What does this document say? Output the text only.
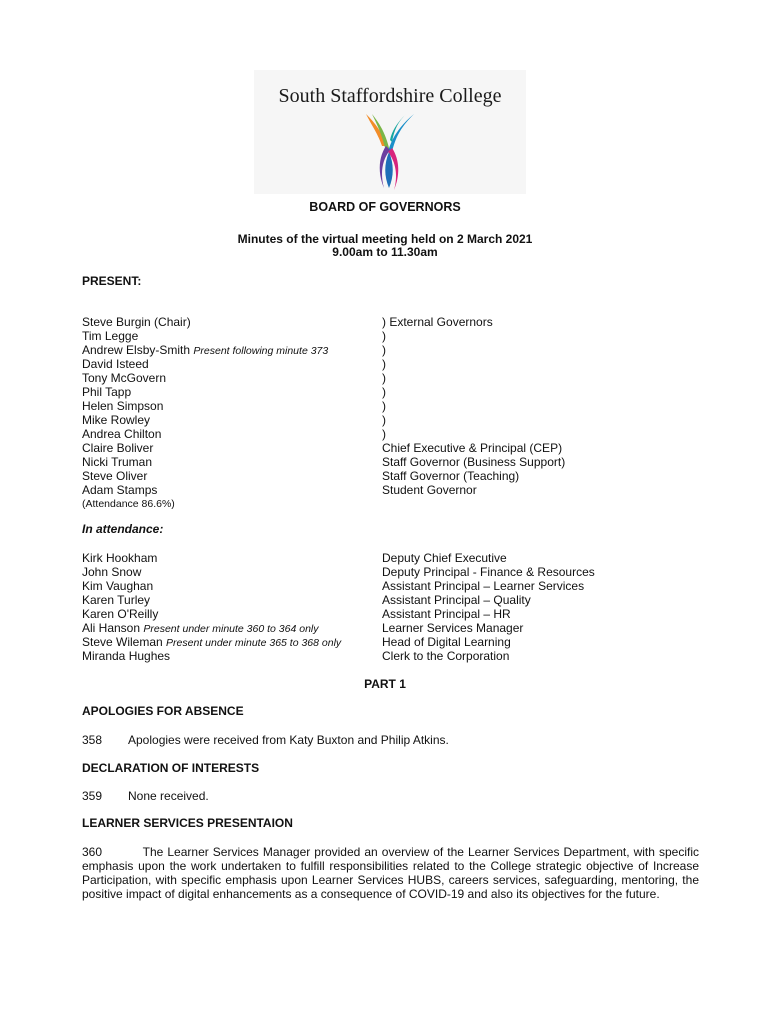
South Staffordshire College
BOARD OF GOVERNORS
Minutes of the virtual meeting held on 2 March 2021
9.00am to 11.30am
PRESENT:
Steve Burgin (Chair)	) External Governors
Tim Legge	)
Andrew Elsby-Smith Present following minute 373	)
David Isteed	)
Tony McGovern	)
Phil Tapp	)
Helen Simpson	)
Mike Rowley	)
Andrea Chilton	)
Claire Boliver	Chief Executive & Principal (CEP)
Nicki Truman	Staff Governor (Business Support)
Steve Oliver	Staff Governor (Teaching)
Adam Stamps	Student Governor
(Attendance 86.6%)
In attendance:
Kirk Hookham	Deputy Chief Executive
John Snow	Deputy Principal - Finance & Resources
Kim Vaughan	Assistant Principal – Learner Services
Karen Turley	Assistant Principal – Quality
Karen O'Reilly	Assistant Principal – HR
Ali Hanson Present under minute 360 to 364 only	Learner Services Manager
Steve Wileman Present under minute 365 to 368 only	Head of Digital Learning
Miranda Hughes	Clerk to the Corporation
PART 1
APOLOGIES FOR ABSENCE
358 Apologies were received from Katy Buxton and Philip Atkins.
DECLARATION OF INTERESTS
359 None received.
LEARNER SERVICES PRESENTAION
360	The Learner Services Manager provided an overview of the Learner Services Department, with specific emphasis upon the work undertaken to fulfill responsibilities related to the College strategic objective of Increase Participation, with specific emphasis upon Learner Services HUBS, careers services, safeguarding, mentoring, the positive impact of digital enhancements as a consequence of COVID-19 and also its objectives for the future.
